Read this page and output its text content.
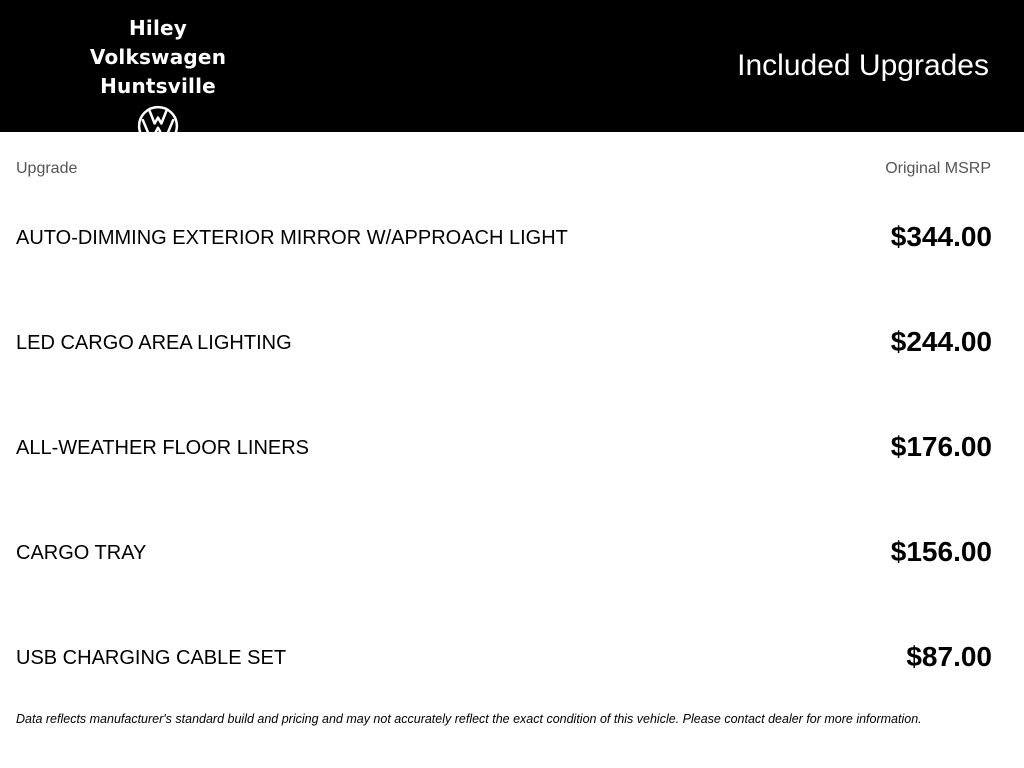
Hiley Volkswagen
Huntsville
Included Upgrades
Upgrade	Original MSRP
AUTO-DIMMING EXTERIOR MIRROR W/APPROACH LIGHT	$344.00
LED CARGO AREA LIGHTING	$244.00
ALL-WEATHER FLOOR LINERS	$176.00
CARGO TRAY	$156.00
USB CHARGING CABLE SET	$87.00
Data reflects manufacturer's standard build and pricing and may not accurately reflect the exact condition of this vehicle. Please contact dealer for more information.
